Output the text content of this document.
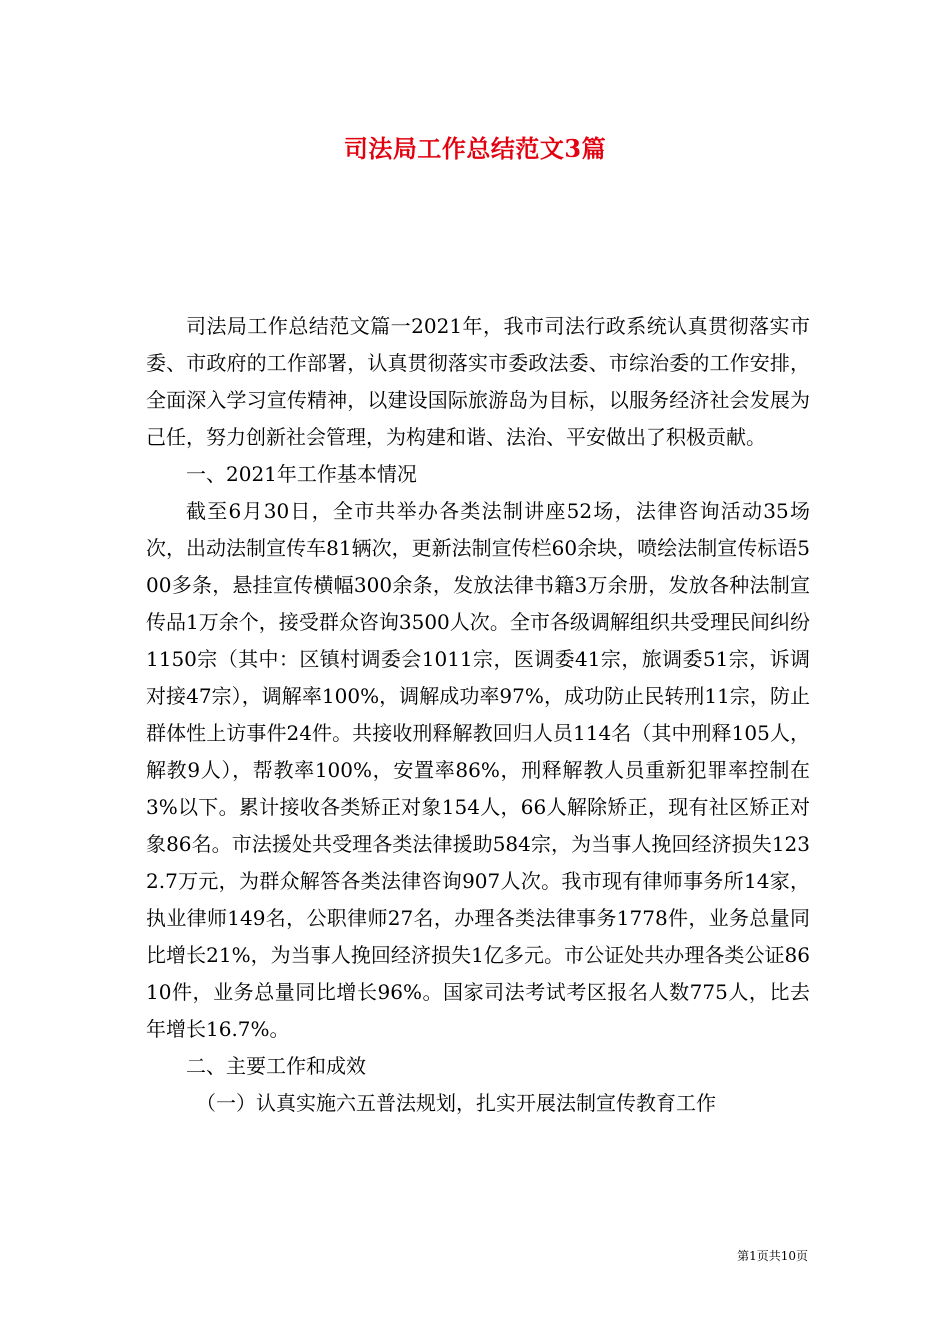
司法局工作总结范文3篇

司法局工作总结范文篇一2021年，我市司法行政系统认真贯彻落实市委、市政府的工作部署，认真贯彻落实市委政法委、市综治委的工作安排，全面深入学习宣传精神，以建设国际旅游岛为目标，以服务经济社会发展为己任，努力创新社会管理，为构建和谐、法治、平安做出了积极贡献。

一、2021年工作基本情况

截至6月30日，全市共举办各类法制讲座52场，法律咨询活动35场次，出动法制宣传车81辆次，更新法制宣传栏60余块，喷绘法制宣传标语500多条，悬挂宣传横幅300余条，发放法律书籍3万余册，发放各种法制宣传品1万余个，接受群众咨询3500人次。全市各级调解组织共受理民间纠纷1150宗（其中：区镇村调委会1011宗，医调委41宗，旅调委51宗，诉调对接47宗），调解率100%，调解成功率97%，成功防止民转刑11宗，防止群体性上访事件24件。共接收刑释解教回归人员114名（其中刑释105人，解教9人），帮教率100%，安置率86%，刑释解教人员重新犯罪率控制在3%以下。累计接收各类矫正对象154人，66人解除矫正，现有社区矫正对象86名。市法援处共受理各类法律援助584宗，为当事人挽回经济损失1232.7万元，为群众解答各类法律咨询907人次。我市现有律师事务所14家，执业律师149名，公职律师27名，办理各类法律事务1778件，业务总量同比增长21%，为当事人挽回经济损失1亿多元。市公证处共办理各类公证8610件，业务总量同比增长96%。国家司法考试考区报名人数775人，比去年增长16.7%。

二、主要工作和成效

（一）认真实施六五普法规划，扎实开展法制宣传教育工作

第1页共10页
